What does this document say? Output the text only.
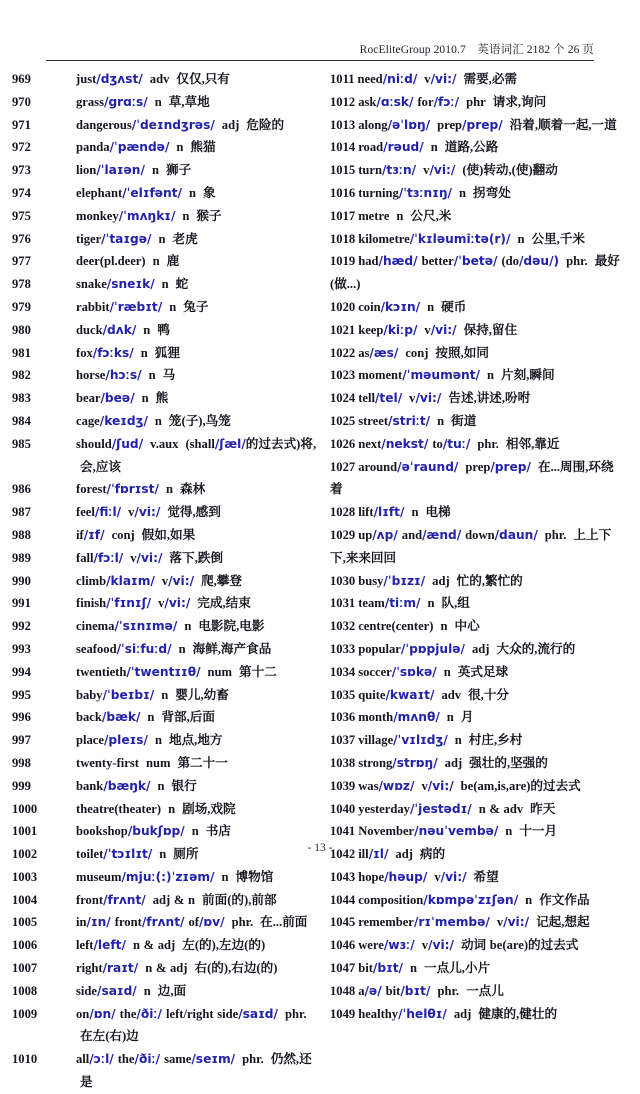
RocEliteGroup 2010.7　英语词汇 2182 个 26 页

969	just/dʒʌst/ adv 仅仅,只有

970	grass/grɑːs/ n 草,草地

971	dangerous/ˈdeɪndʒrəs/ adj 危险的

972	panda/ˈpændə/ n 熊猫

973	lion/ˈlaɪən/ n 狮子

974	elephant/ˈelɪfənt/ n 象

975	monkey/ˈmʌŋkɪ/ n 猴子

976	tiger/ˈtaɪgə/ n 老虎

977	deer(pl.deer) n 鹿

978	snake/sneɪk/ n 蛇

979	rabbit/ˈræbɪt/ n 兔子

980	duck/dʌk/ n 鸭

981	fox/fɔːks/ n 狐狸

982	horse/hɔːs/ n 马

983	bear/beə/ n 熊

984	cage/keɪdʒ/ n 笼(子),鸟笼

985	should/ʃud/ v.aux (shall/ʃæl/的过去式)将,会,应该

986	forest/ˈfɒrɪst/ n 森林

987	feel/fiːl/ v/vi:/ 觉得,感到

988	if/ɪf/ conj 假如,如果

989	fall/fɔːl/ v/vi:/ 落下,跌倒

990	climb/klaɪm/ v/vi:/ 爬,攀登

991	finish/ˈfɪnɪʃ/ v/vi:/ 完成,结束

992	cinema/ˈsɪnɪmə/ n 电影院,电影

993	seafood/ˈsiːfuːd/ n 海鲜,海产食品

994	twentieth/ˈtwentɪɪθ/ num 第十二

995	baby/ˈbeɪbɪ/ n 婴儿,幼畜

996	back/bæk/ n 背部,后面

997	place/pleɪs/ n 地点,地方

998	twenty-first num 第二十一

999	bank/bæŋk/ n 银行

1000	theatre(theater) n 剧场,戏院

1001	bookshop/bukʃɒp/ n 书店

1002	toilet/ˈtɔɪlɪt/ n 厕所

1003	museum/mjuː(:)ˈzɪəm/ n 博物馆

1004	front/frʌnt/ adj & n 前面(的),前部

1005	in/ɪn/ front/frʌnt/ of/ɒv/ phr. 在...前面

1006	left/left/ n & adj 左(的),左边(的)

1007	right/raɪt/ n & adj 右(的),右边(的)

1008	side/saɪd/ n 边,面

1009	on/ɒn/ the/ðiː/ left/right side/saɪd/ phr.在左(右)边

1010	all/ɔːl/ the/ðiː/ same/seɪm/ phr. 仍然,还是

1011 need/niːd/ v/vi:/ 需要,必需

1012 ask/ɑːsk/ for/fɔː/ phr 请求,询问

1013 along/əˈlɒŋ/ prep/prep/ 沿着,顺着一起,一道

1014 road/rəud/ n 道路,公路

1015 turn/tɜːn/ v/vi:/ (使)转动,(使)翻动

1016 turning/ˈtɜːnɪŋ/ n 拐弯处

1017 metre n 公尺,米

1018 kilometre/ˈkɪləumiːtə(r)/ n 公里,千米

1019 had/hæd/ better/ˈbetə/ (do/dəu/) phr. 最好(做...)

1020 coin/kɔɪn/ n 硬币

1021 keep/kiːp/ v/vi:/ 保持,留住

1022 as/æs/ conj 按照,如同

1023 moment/ˈməumənt/ n 片刻,瞬间

1024 tell/tel/ v/vi:/ 告述,讲述,吩咐

1025 street/striːt/ n 街道

1026 next/nekst/ to/tuː/ phr. 相邻,靠近

1027 around/əˈraund/ prep/prep/ 在...周围,环绕着

1028 lift/lɪft/ n 电梯

1029 up/ʌp/ and/ænd/ down/daun/ phr. 上上下下,来来回回

1030 busy/ˈbɪzɪ/ adj 忙的,繁忙的

1031 team/tiːm/ n 队,组

1032 centre(center) n 中心

1033 popular/ˈpɒpjulə/ adj 大众的,流行的

1034 soccer/ˈsɒkə/ n 英式足球

1035 quite/kwaɪt/ adv 很,十分

1036 month/mʌnθ/ n 月

1037 village/ˈvɪlɪdʒ/ n 村庄,乡村

1038 strong/strɒŋ/ adj 强壮的,坚强的

1039 was/wɒz/ v/vi:/ be(am,is,are)的过去式

1040 yesterday/ˈjestədɪ/ n & adv 昨天

1041 November/nəuˈvembə/ n 十一月

1042 ill/ɪl/ adj 病的

1043 hope/həup/ v/vi:/ 希望

1044 composition/kɒmpəˈzɪʃən/ n 作文作品

1045 remember/rɪˈmembə/ v/vi:/ 记起,想起

1046 were/wɜː/ v/vi:/ 动词 be(are)的过去式

1047 bit/bɪt/ n 一点儿,小片

1048 a/ə/ bit/bɪt/ phr. 一点儿

1049 healthy/ˈhelθɪ/ adj 健康的,健壮的

- 13 -
